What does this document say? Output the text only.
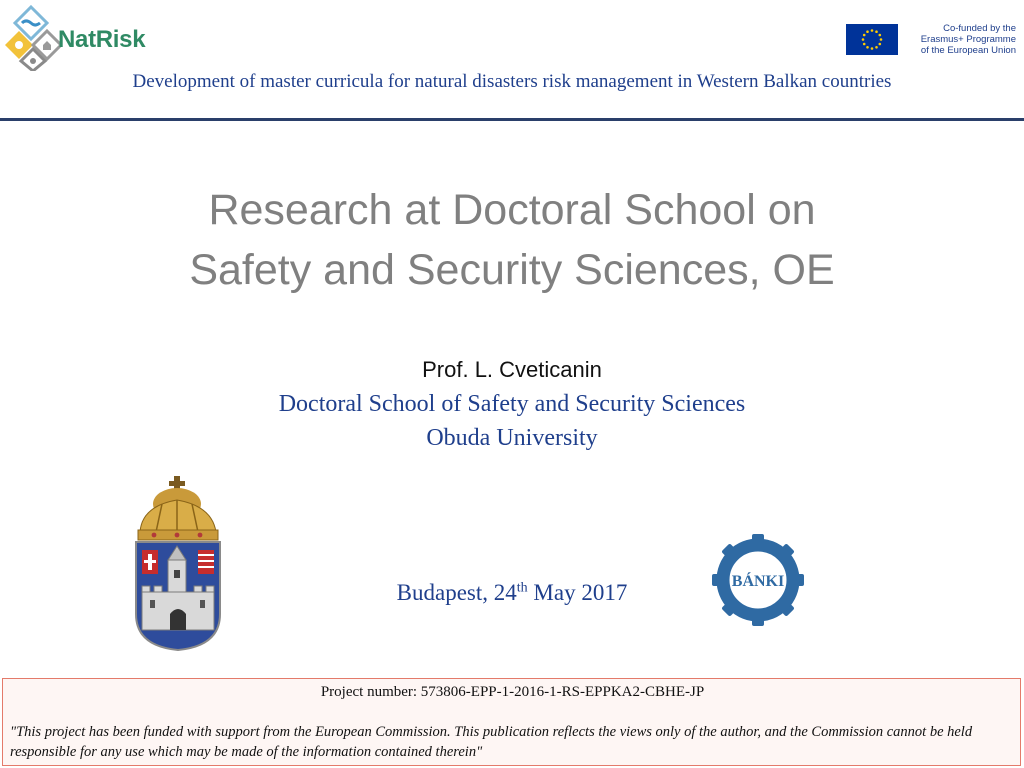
NatRisk	Co-funded by the
Erasmus+ Programme
of the European Union
Development of master curricula for natural disasters risk management in Western Balkan countries
Research at Doctoral School on
Safety and Security Sciences, OE
Prof. L. Cveticanin
Doctoral School of Safety and Security Sciences
Obuda University
Budapest, 24th May 2017	BÁNKI
Project number: 573806-EPP-1-2016-1-RS-EPPKA2-CBHE-JP
"This project has been funded with support from the European Commission. This publication reflects the views only of the author, and the Commission cannot be held responsible for any use which may be made of the information contained therein"
